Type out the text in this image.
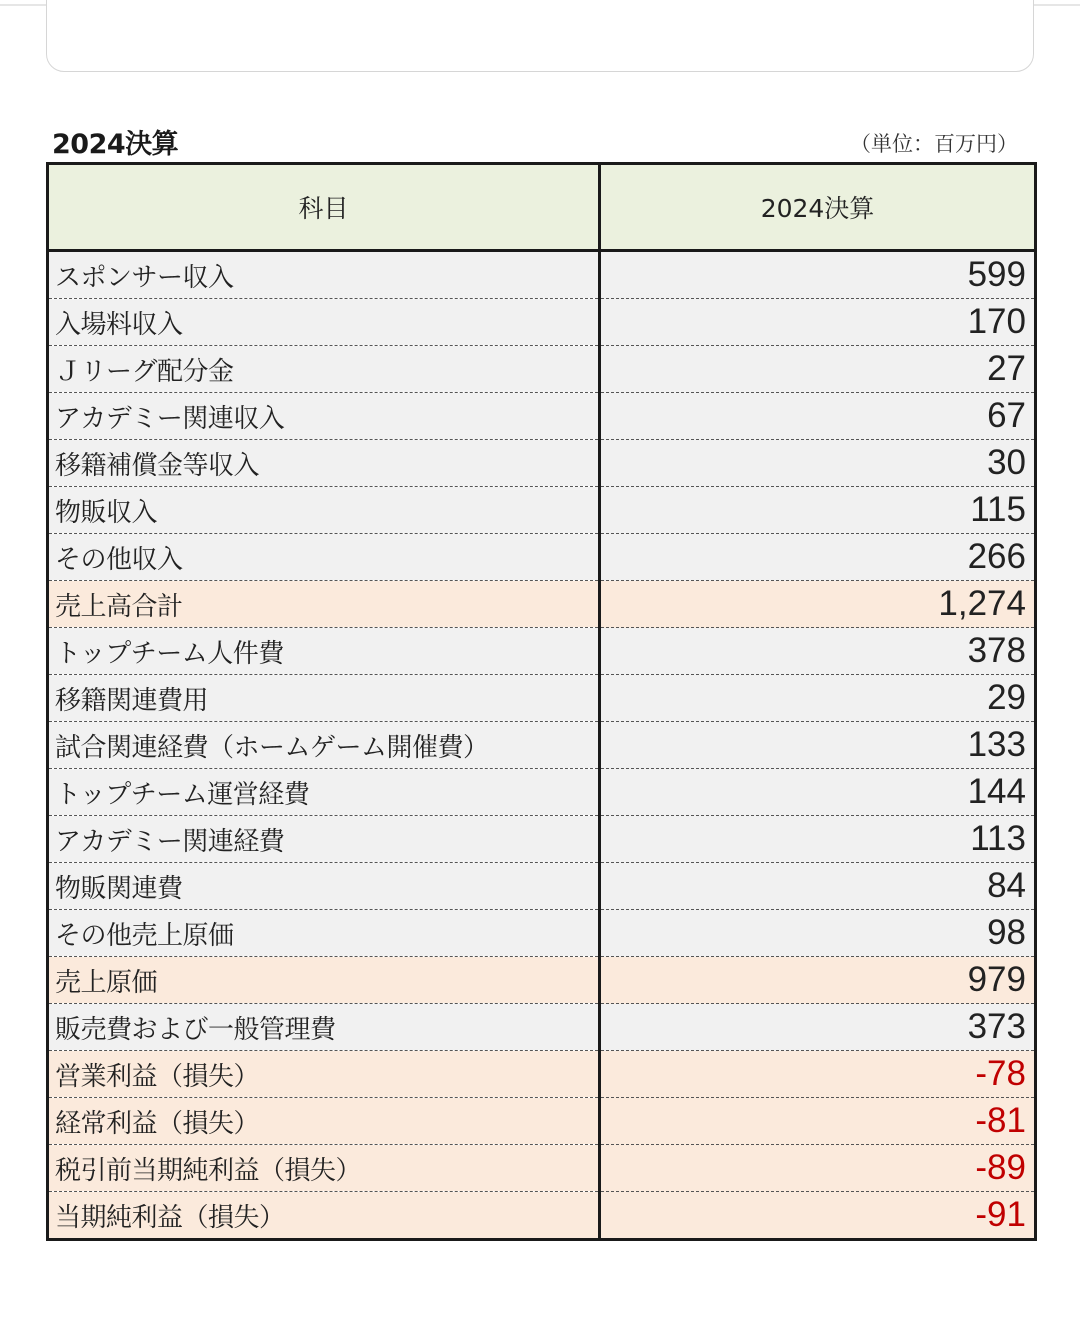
2024決算	（単位：百万円）
科目	2024決算
スポンサー収入	599
入場料収入	170
Ｊリーグ配分金	27
アカデミー関連収入	67
移籍補償金等収入	30
物販収入	115
その他収入	266
売上高合計	1,274
トップチーム人件費	378
移籍関連費用	29
試合関連経費（ホームゲーム開催費）	133
トップチーム運営経費	144
アカデミー関連経費	113
物販関連費	84
その他売上原価	98
売上原価	979
販売費および一般管理費	373
営業利益（損失）	-78
経常利益（損失）	-81
税引前当期純利益（損失）	-89
当期純利益（損失）	-91
